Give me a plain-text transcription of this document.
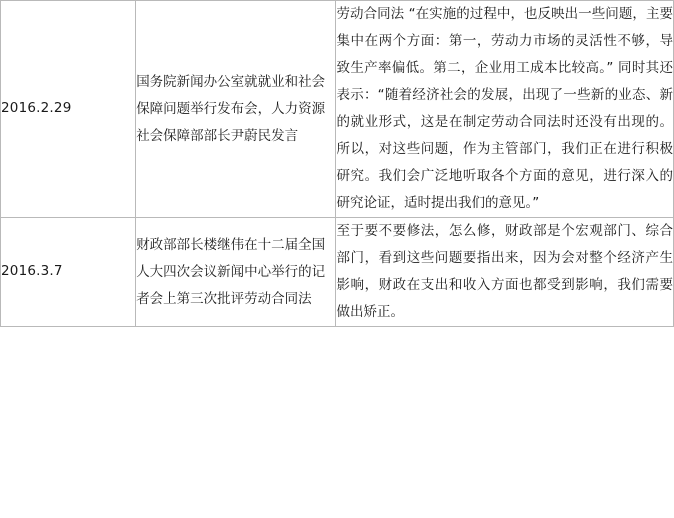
2016.2.29	国务院新闻办公室就就业和社会保障问题举行发布会，人力资源社会保障部部长尹蔚民发言	劳动合同法 “在实施的过程中，也反映出一些问题，主要集中在两个方面：第一，劳动力市场的灵活性不够，导致生产率偏低。第二，企业用工成本比较高。” 同时其还表示：“随着经济社会的发展，出现了一些新的业态、新的就业形式，这是在制定劳动合同法时还没有出现的。所以，对这些问题，作为主管部门，我们正在进行积极研究。我们会广泛地听取各个方面的意见，进行深入的研究论证，适时提出我们的意见。”
2016.3.7	财政部部长楼继伟在十二届全国人大四次会议新闻中心举行的记者会上第三次批评劳动合同法	至于要不要修法，怎么修，财政部是个宏观部门、综合部门，看到这些问题要指出来，因为会对整个经济产生影响，财政在支出和收入方面也都受到影响，我们需要做出矫正。
